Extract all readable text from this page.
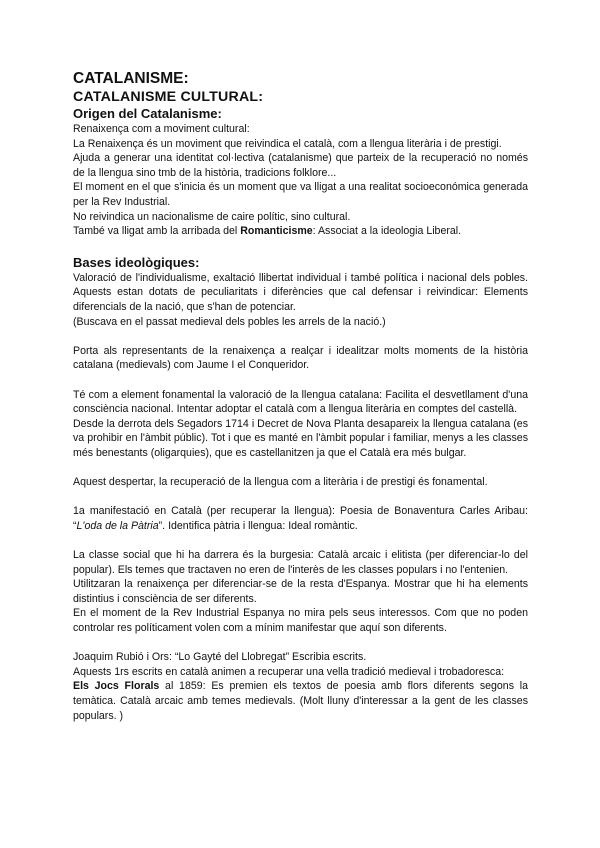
CATALANISME:
CATALANISME CULTURAL:
Origen del Catalanisme:

Renaixença com a moviment cultural:

La Renaixença és un moviment que reivindica el català, com a llengua literària i de prestigi.

Ajuda a generar una identitat col·lectiva (catalanisme) que parteix de la recuperació no només de la llengua sino tmb de la història, tradicions folklore...

El moment en el que s'inicia és un moment que va lligat a una realitat socioeconómica generada per la Rev Industrial.

No reivindica un nacionalisme de caire polític, sino cultural.

També va lligat amb la arribada del Romanticisme: Associat a la ideologia Liberal.

Bases ideològiques:

Valoració de l'individualisme, exaltació llibertat individual i també política i nacional dels pobles. Aquests estan dotats de peculiaritats i diferències que cal defensar i reivindicar: Elements diferencials de la nació, que s'han de potenciar.

(Buscava en el passat medieval dels pobles les arrels de la nació.)

Porta als representants de la renaixença a realçar i idealitzar molts moments de la història catalana (medievals) com Jaume I el Conqueridor.

Té com a element fonamental la valoració de la llengua catalana: Facilita el desvetllament d'una consciència nacional. Intentar adoptar el català com a llengua literària en comptes del castellà.

Desde la derrota dels Segadors 1714 i Decret de Nova Planta desapareix la llengua catalana (es va prohibir en l'àmbit públic). Tot i que es manté en l'àmbit popular i familiar, menys a les classes més benestants (oligarquies), que es castellanitzen ja que el Català era més bulgar.

Aquest despertar, la recuperació de la llengua com a literària i de prestigi és fonamental.

1a manifestació en Català (per recuperar la llengua): Poesia de Bonaventura Carles Aribau: “L'oda de la Pàtria”. Identifica pàtria i llengua: Ideal romàntic.

La classe social que hi ha darrera és la burgesia: Català arcaic i elitista (per diferenciar-lo del popular). Els temes que tractaven no eren de l'interès de les classes populars i no l'entenien.

Utilitzaran la renaixença per diferenciar-se de la resta d'Espanya. Mostrar que hi ha elements distintius i consciència de ser diferents.

En el moment de la Rev Industrial Espanya no mira pels seus interessos. Com que no poden controlar res políticament volen com a mínim manifestar que aquí son diferents.

Joaquim Rubió i Ors: “Lo Gayté del Llobregat” Escribia escrits.

Aquests 1rs escrits en català animen a recuperar una vella tradició medieval i trobadoresca:

Els Jocs Florals al 1859: Es premien els textos de poesia amb flors diferents segons la temàtica. Català arcaic amb temes medievals. (Molt lluny d'interessar a la gent de les classes populars. )
